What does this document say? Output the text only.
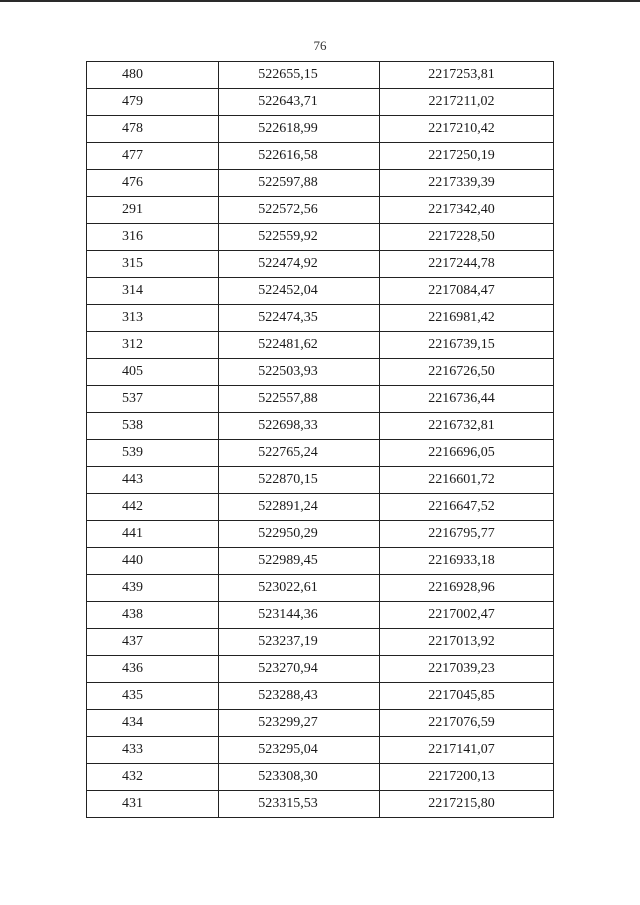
76
480	522655,15	2217253,81
479	522643,71	2217211,02
478	522618,99	2217210,42
477	522616,58	2217250,19
476	522597,88	2217339,39
291	522572,56	2217342,40
316	522559,92	2217228,50
315	522474,92	2217244,78
314	522452,04	2217084,47
313	522474,35	2216981,42
312	522481,62	2216739,15
405	522503,93	2216726,50
537	522557,88	2216736,44
538	522698,33	2216732,81
539	522765,24	2216696,05
443	522870,15	2216601,72
442	522891,24	2216647,52
441	522950,29	2216795,77
440	522989,45	2216933,18
439	523022,61	2216928,96
438	523144,36	2217002,47
437	523237,19	2217013,92
436	523270,94	2217039,23
435	523288,43	2217045,85
434	523299,27	2217076,59
433	523295,04	2217141,07
432	523308,30	2217200,13
431	523315,53	2217215,80
